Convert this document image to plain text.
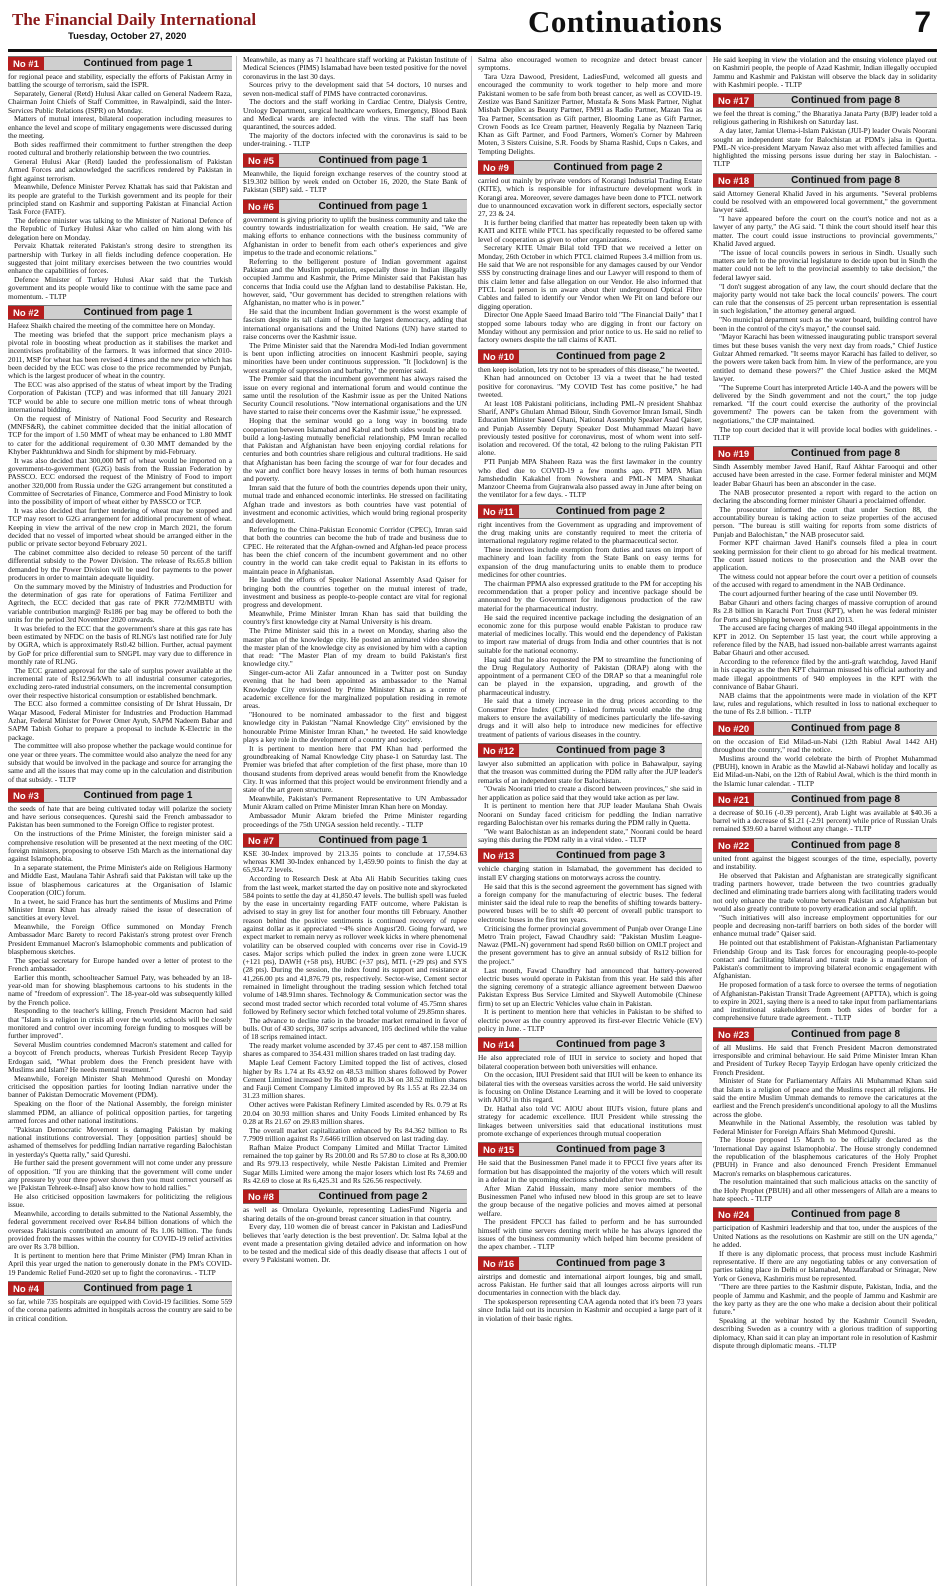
The Financial Daily International
Tuesday, October 27, 2020	Continuations	7
No #1	Continued from page 1

for regional peace and stability, especially the efforts of Pakistan Army in battling the scourge of terrorism, said the ISPR.

Separately, General (Retd) Hulusi Akar called on General Nadeem Raza, Chairman Joint Chiefs of Staff Committee, in Rawalpindi, said the Inter-Services Public Relations (ISPR) on Monday.

Matters of mutual interest, bilateral cooperation including measures to enhance the level and scope of military engagements were discussed during the meeting.

Both sides reaffirmed their commitment to further strengthen the deep rooted cultural and brotherly relationship between the two countries.

General Hulusi Akar (Retd) lauded the professionalism of Pakistan Armed Forces and acknowledged the sacrifices rendered by Pakistan in fight against terrorism.

Meanwhile, Defence Minister Pervez Khattak has said that Pakistan and its people are grateful to the Turkish government and its people for their principled stand on Kashmir and supporting Pakistan at Financial Action Task Force (FATF).

The defence minister was talking to the Minister of National Defence of the Republic of Turkey Hulusi Akar who called on him along with his delegation here on Monday.

Pervaiz Khattak reiterated Pakistan's strong desire to strengthen its partnership with Turkey in all fields including defence cooperation. He suggested that joint military exercises between the two countries would enhance the capabilities of forces.

Defence Minister of Turkey Hulusi Akar said that the Turkish government and its people would like to continue with the same pace and momentum. - TLTP

No #2	Continued from page 1

Hafeez Shaikh chaired the meeting of the committee here on Monday.

The meeting was briefed that the support price mechanism plays a pivotal role in boosting wheat production as it stabilises the market and incentivises profitability of the farmers. It was informed that since 2010-2011, MSP for wheat has been revised 4 times and the new price which has been decided by the ECC was close to the price recommended by Punjab, which is the largest producer of wheat in the country.

The ECC was also apprised of the status of wheat import by the Trading Corporation of Pakistan (TCP) and was informed that till January 2021 TCP would be able to secure one million metric tons of wheat through international bidding.

On the request of Ministry of National Food Security and Research (MNFS&R), the cabinet committee decided that the initial allocation of TCP for the import of 1.50 MMT of wheat may be enhanced to 1.80 MMT to cater for the additional requirement of 0.30 MMT demanded by the Khyber Pakhtunkhwa and Sindh for shipment by mid-February.

It was also decided that 300,000 MT of wheat would be imported on a government-to-government (G2G) basis from the Russian Federation by PASSCO. ECC endorsed the request of the Ministry of Food to import another 320,000 from Russia under the G2G arrangement but constituted a Committee of Secretaries of Finance, Commerce and Food Ministry to look into the possibility of import of wheat either by PASSCO or TCP.

It was also decided that further tendering of wheat may be stopped and TCP may resort to G2G arrangement for additional procurement of wheat. Keeping in view the arrival of the new crop in March 2021, the forum decided that no vessel of imported wheat should be arranged either in the public or private sector beyond February 2021.

The cabinet committee also decided to release 50 percent of the tariff differential subsidy to the Power Division. The release of Rs.65.8 billion demanded by the Power Division will be used for payments to the power producers in order to maintain adequate liquidity.

On the summary moved by the Ministry of Industries and Production for the determination of gas rate for operations of Fatima Fertilizer and Agritech, the ECC decided that gas rate of PKR 772/MMBTU with variable contribution margin@ Rs186 per bag may be offered to both the units for the period 3rd November 2020 onwards.

It was briefed to the ECC that the government's share at this gas rate has been estimated by NFDC on the basis of RLNG's last notified rate for July by OGRA, which is approximately Rs0.42 billion. Further, actual payment by GoP for price differential sum to SNGPL may vary due to difference in monthly rate of RLNG.

The ECC granted approval for the sale of surplus power available at the incremental rate of Rs12.96/kWh to all industrial consumer categories, excluding zero-rated industrial consumers, on the incremental consumption over their respective historical consumption or established benchmark.

The ECC also formed a committee consisting of Dr Ishrat Hussain, Dr Waqar Masood, Federal Minister for Industries and Production Hammad Azhar, Federal Minister for Power Omer Ayub, SAPM Nadeem Babar and SAPM Tabish Gohar to prepare a proposal to include K-Electric in the package.

The committee will also propose whether the package would continue for one year or three years. The committee would also analyze the need for any subsidy that would be involved in the package and source for arranging the same and all the issues that may come up in the calculation and distribution of that subsidy. - TLTP

No #3	Continued from page 1

the seeds of hate that are being cultivated today will polarize the society and have serious consequences. Qureshi said the French ambassador to Pakistan has been summoned to the Foreign Office to register protest.

On the instructions of the Prime Minister, the foreign minister said a comprehensive resolution will be presented at the next meeting of the OIC foreign ministers, proposing to observe 15th March as the international day against Islamophobia.

In a separate statement, the Prime Minister's aide on Religious Harmony and Middle East, Maulana Tahir Ashrafi said that Pakistan will take up the issue of blasphemous caricatures at the Organisation of Islamic Cooperation (OIC) forum.

In a tweet, he said France has hurt the sentiments of Muslims and Prime Minister Imran Khan has already raised the issue of desecration of sanctities at every level.

Meanwhile, the Foreign Office summoned on Monday French Ambassador Marc Barety to record Pakistan's strong protest over French President Emmanuel Macron's Islamophobic comments and publication of blasphemous sketches.

The special secretary for Europe handed over a letter of protest to the French ambassador.

Earlier this month, schoolteacher Samuel Paty, was beheaded by an 18-year-old man for showing blasphemous cartoons to his students in the name of "freedom of expression". The 18-year-old was subsequently killed by the French police.

Responding to the teacher's killing, French President Macron had said that "Islam is a religion in crisis all over the world, schools will be closely monitored and control over incoming foreign funding to mosques will be further improved".

Several Muslim countries condemned Macron's statement and called for a boycott of French products, whereas Turkish President Recep Tayyip Erdogan said, "What problem does the French president have with Muslims and Islam? He needs mental treatment."

Meanwhile, Foreign Minister Shah Mehmood Qureshi on Monday criticised the opposition parties for looting Indian narrative under the banner of Pakistan Democratic Movement (PDM).

Speaking on the floor of the National Assembly, the foreign minister slammed PDM, an alliance of political opposition parties, for targeting armed forces and other national institutions.

"Pakistan Democratic Movement is damaging Pakistan by making national institutions controversial. They [opposition parties] should be ashamed of themselves for peddling Indian narrative regarding Balochistan in yesterday's Quetta rally," said Qureshi.

He further said the present government will not come under any pressure of opposition. "If you are thinking that the government will come under any pressure by your three power shows then you must correct yourself as we [Pakistan Tehreek-e-Insaf] also know how to hold rallies."

He also criticised opposition lawmakers for politicizing the religious issue.

Meanwhile, according to details submitted to the National Assembly, the federal government received over Rs4.84 billion donations of which the overseas Pakistanis contributed an amount of Rs 1.06 billion. The funds provided from the masses within the country for COVID-19 relief activities are over Rs 3.78 billion.

It is pertinent to mention here that Prime Minister (PM) Imran Khan in April this year urged the nation to generously donate in the PM's COVID-19 Pandemic Relief Fund-2020 set up to fight the coronavirus. - TLTP

No #4	Continued from page 1

so far, while 735 hospitals are equipped with Covid-19 facilities. Some 559 of the corona patients admitted in hospitals across the country are said to be in critical condition.

Meanwhile, as many as 71 healthcare staff working at Pakistan Institute of Medical Sciences (PIMS) Islamabad have been tested positive for the novel coronavirus in the last 30 days.

Sources privy to the development said that 54 doctors, 10 nurses and seven non-medical staff of PIMS have contracted coronavirus.

The doctors and the staff working in Cardiac Centre, Dialysis Centre, Urology Department, surgical healthcare workers, Emergency, Blood Bank and Medical wards are infected with the virus. The staff has been quarantined, the sources added.

The majority of the doctors infected with the coronavirus is said to be under-training. - TLTP

No #5	Continued from page 1

Meanwhile, the liquid foreign exchange reserves of the country stood at $19.302 billion by week ended on October 16, 2020, the State Bank of Pakistan (SBP) said. - TLTP

No #6	Continued from page 1

government is giving priority to uplift the business community and take the country towards industrialization for wealth creation. He said, "We are making efforts to enhance connections with the business community of Afghanistan in order to benefit from each other's experiences and give impetus to the trade and economic relations."

Referring to the belligerent posture of Indian government against Pakistan and the Muslim population, especially those in Indian illegally occupied Jammu and Kashmir, the Prime Minister said that Pakistan has concerns that India could use the Afghan land to destabilise Pakistan. He, however, said, "Our government has decided to strengthen relations with Afghanistan, no matter who is in power."

He said that the incumbent Indian government is the worst example of fascism despite its tall claim of being the largest democracy, adding that international organisations and the United Nations (UN) have started to raise concerns over the Kashmir issue.

The Prime Minister said that the Narendra Modi-led Indian government is bent upon inflicting atrocities on innocent Kashmiri people, saying minorities have been under continuous suppression. "It [lockdown] is the worst example of suppression and barbarity," the premier said.

The Premier said that the incumbent government has always raised the issue on every regional and international forum and would continue the same until the resolution of the Kashmir issue as per the United Nations Security Council resolutions. "Now international organisations and the UN have started to raise their concerns over the Kashmir issue," he expressed.

Hoping that the seminar would go a long way in boosting trade cooperation between Islamabad and Kabul and both sides would be able to build a long-lasting mutually beneficial relationship, PM Imran recalled that Pakistan and Afghanistan have been enjoying cordial relations for centuries and both countries share religious and cultural traditions. He said that Afghanistan has been facing the scourge of war for four decades and the war and conflict bore heavy losses in terms of both human resources and poverty.

Imran said that the future of both the countries depends upon their unity, mutual trade and enhanced economic interlinks. He stressed on facilitating Afghan trade and investors as both countries have vast potential of investment and economic activities, which would bring regional prosperity and development.

Referring to the China-Pakistan Economic Corridor (CPEC), Imran said that both the countries can become the hub of trade and business due to CPEC. He reiterated that the Afghan-owned and Afghan-led peace process has been the chief concern of the incumbent government and no other country in the world can take credit equal to Pakistan in its efforts to maintain peace in Afghanistan.

He lauded the efforts of Speaker National Assembly Asad Qaiser for bringing both the countries together on the mutual interest of trade, investment and business as people-to-people contact are vital for regional progress and development.

Meanwhile, Prime Minister Imran Khan has said that building the country's first knowledge city at Namal University is his dream.

The Prime Minister said this in a tweet on Monday, sharing also the master plan of the knowledge city. He posted an animated video showing the master plan of the knowledge city as envisioned by him with a caption that read: "The Master Plan of my dream to build Pakistan's first knowledge city."

Singer-cum-actor Ali Zafar announced in a Twitter post on Sunday evening that he had been appointed as ambassador to the Namal Knowledge City envisioned by Prime Minister Khan as a centre of academic excellence for the marginalized population residing in remote areas.

"Honoured to be nominated ambassador to the first and biggest knowledge city in Pakistan "Namal Knowledge City" envisioned by the honourable Prime Minister Imran Khan," he tweeted. He said knowledge plays a key role in the development of a country and society.

It is pertinent to mention here that PM Khan had performed the groundbreaking of Namal Knowledge City phase-1 on Saturday last. The Premier was briefed that after completion of the first phase, more than 10 thousand students from deprived areas would benefit from the Knowledge City. It was informed that this project would be environment friendly and a state of the art green structure.

Meanwhile, Pakistan's Permanent Representative to UN Ambassador Munir Akram called on Prime Minister Imran Khan here on Monday.

Ambassador Munir Akram briefed the Prime Minister regarding proceedings of the 75th UNGA session held recently. - TLTP

No #7	Continued from page 1

KSE 30-Index improved by 213.35 points to conclude at 17,594.63 whereas KMI 30-Index enhanced by 1,459.90 points to finish the day at 65,934.72 levels.

According to Research Desk at Aba Ali Habib Securities taking cues from the last week, market started the day on positive note and skyrocketed 584 points to settle the day at 41,850.47 levels. The bullish spell was fueled by the ease in uncertainty regarding FATF outcome, where Pakistan is advised to stay in grey list for another four months till February. Another reason behind the positive sentiments is continued recovery of rupee against dollar as it appreciated ~4% since August'20. Going forward, we expect market to remain nervy as rollover week kicks in where phenomenal volatility can be observed coupled with concerns over rise in Covid-19 cases. Major scrips which pulled the index in green zone were LUCK (+121 pts), DAWH (+58 pts), HUBC (+37 pts), MTL (+29 pts) and SYS (28 pts). During the session, the index found its support and resistance at 41,266.00 pts and 41,876.79 pts, respectively. Sector-wise, Cement sector remained in limelight throughout the trading session which fetched total volume of 148.91mn shares. Technology & Communication sector was the second most traded sector which recorded total volume of 45.75mn shares followed by Refinery sector which fetched total volume of 29.85mn shares.

The advance to decline ratio in the broader market remained in favor of bulls. Out of 430 scrips, 307 scrips advanced, 105 declined while the value of 18 scrips remained intact.

The ready market volume ascended by 37.45 per cent to 487.158 million shares as compared to 354.431 million shares traded on last trading day.

Maple Leaf Cement Factory Limited topped the list of actives, closed higher by Rs 1.74 at Rs 43.92 on 48.53 million shares followed by Power Cement Limited increased by Rs 0.80 at Rs 10.34 on 38.52 million shares and Fauji Cement Company Limited improved by Rs 1.55 at Rs 22.34 on 31.23 million shares.

Other actives were Pakistan Refinery Limited ascended by Rs. 0.79 at Rs 20.04 on 30.93 million shares and Unity Foods Limited enhanced by Rs 0.28 at Rs 21.67 on 29.83 million shares.

The overall market capitalization enhanced by Rs 84.362 billion to Rs 7.7909 trillion against Rs 7.6466 trillion observed on last trading day.

Rafhan Maize Product Company Limited and Millat Tractor Limited remained the top gainer by Rs 200.00 and Rs 57.80 to close at Rs 8,300.00 and Rs 979.13 respectively, while Nestle Pakistan Limited and Premier Sugar Mills Limited were among the major losers which lost Rs 74.69 and Rs 42.69 to close at Rs 6,425.31 and Rs 526.56 respectively.

No #8	Continued from page 2

as well as Omolara Oyekunle, representing LadiesFund Nigeria and sharing details of the on-ground breast cancer situation in that country.

Every day, 110 women die of breast cancer in Pakistan and LadiesFund believes that 'early detection is the best prevention'. Dr. Salma Iqbal at the event made a presentation giving detailed advice and information on how to be tested and the medical side of this deadly disease that affects 1 out of every 9 Pakistani women. Dr.

Salma also encouraged women to recognize and detect breast cancer symptoms.

Tara Uzra Dawood, President, LadiesFund, welcomed all guests and encouraged the community to work together to help more and more Pakistani women to be safe from both breast cancer, as well as COVID-19. Zestize was Band Sanitizer Partner, Mustafa & Sons Mask Partner, Nighat Misbah Depilex as Beauty Partner, FM91 as Radio Partner, Mazan Tea as Tea Partner, Scentsation as Gift partner, Blooming Lane as Gift Partner, Crown Foods as Ice Cream partner, Heavenly Regalia by Nazneen Tariq Khan as Gift Partner, and Food Partners, Women's Corner by Mahreen Moten, 3 Sisters Cuisine, S.R. Foods by Shama Rashid, Cups n Cakes, and Tempting Delights.

No #9	Continued from page 2

carried out mainly by private vendors of Korangi Industrial Trading Estate (KITE), which is responsible for infrastructure development work in Korangi area. Moreover, severe damages have been done to PTCL network due to unannounced excavation work in different sectors, especially sector 27, 23 & 24.

It is further being clarified that matter has repeatedly been taken up with KATI and KITE while PTCL has specifically requested to be offered same level of cooperation as given to other organizations.

Secretary KITE Umair Bilal told TFD that we received a letter on Monday, 26th October in which PTCL claimed Rupees 3.4 million from us. He said that We are not responsible for any damages caused by our Vendor SSS by constructing drainage lines and our Lawyer will respond to them of this claim letter and false allegation on our Vendor. He also informed that PTCL local person is un aware about their underground Optical Fibre Cables and failed to identify our Vendor when We Pit on land before our digging operation.

Director One Apple Saeed Imaad Bariro told "The Financial Daily" that I stopped some labours today who are digging in front our factory on Monday without any permission and prior notice to us. He said no relief to factory owners despite the tall claims of KATI.

No #10	Continued from page 2

then keep isolation, lets try not to be spreaders of this disease," he tweeted.

Khan had announced on October 13 via a tweet that he had tested positive for coronavirus. "My COVID Test has come positive," he had tweeted.

At least 108 Pakistani politicians, including PML-N president Shahbaz Sharif, ANP's Ghulam Ahmad Bilour, Sindh Governor Imran Ismail, Sindh Education Minister Saeed Ghani, National Assembly Speaker Asad Qaiser, and Punjab Assembly Deputy Speaker Dost Muhammad Mazari have previously tested positive for coronavirus, most of whom went into self-isolation and recovered. Of the total, 42 belong to the ruling Pakistan PTI alone.

PTI Punjab MPA Shaheen Raza was the first lawmaker in the country who died due to COVID-19 a few months ago. PTI MPA Mian Jamshedudin Kakakhel from Nowshera and PML-N MPA Shaukat Manzoor Cheema from Gujranwala also passed away in June after being on the ventilator for a few days. - TLTP

No #11	Continued from page 2

right incentives from the Government as upgrading and improvement of the drug making units are constantly required to meet the criteria of international regulatory regime related to the pharmaceutical sector.

These incentives include exemption from duties and taxes on import of machinery and loan facility from the State Bank on easy terms for expansion of the drug manufacturing units to enable them to produce medicines for other countries.

The chairman PPMA also expressed gratitude to the PM for accepting his recommendation that a proper policy and incentive package should be announced by the Government for indigenous production of the raw material for the pharmaceutical industry.

He said the required incentive package including the designation of an economic zone for this purpose would enable Pakistan to produce raw material of medicines locally. This would end the dependency of Pakistan to import raw material of drugs from India and other countries that is not suitable for the national economy.

Haq said that he also requested the PM to streamline the functioning of the Drug Regulatory Authority of Pakistan (DRAP) along with the appointment of a permanent CEO of the DRAP so that a meaningful role can be played in the expansion, upgrading, and growth of the pharmaceutical industry.

He said that a timely increase in the drug prices according to the Consumer Price Index (CPI) - linked formula would enable the drug makers to ensure the availability of medicines particularly the life-saving drugs and it will also help to introduce new medicines for effective treatment of patients of various diseases in the country.

No #12	Continued from page 3

lawyer also submitted an application with police in Bahawalpur, saying that the treason was committed during the PDM rally after the JUP leader's remarks of an independent state for Balochistan.

"Owais Noorani tried to create a discord between provinces," she said in her application as police said that they would take action as per law.

It is pertinent to mention here that JUP leader Maulana Shah Owais Noorani on Sunday faced criticism for peddling the Indian narrative regarding Balochistan over his remarks during the PDM rally in Quetta.

"We want Balochistan as an independent state," Noorani could be heard saying this during the PDM rally in a viral video. - TLTP

No #13	Continued from page 3

vehicle charging station in Islamabad, the government has decided to install EV charging stations on motorways across the country.

He said that this is the second agreement the government has signed with a foreign company for the manufacturing of electric buses. The federal minister said the ideal rule to reap the benefits of shifting towards battery-powered buses will be to shift 40 percent of overall public transport to electronic buses in the first ten years.

Criticising the former provincial government of Punjab over Orange Line Metro Train project, Fawad Chaudhry said: "Pakistan Muslim League-Nawaz (PML-N) government had spend Rs60 billion on OMLT project and the present government has to give an annual subsidy of Rs12 billion for the project."

Last month, Fawad Chaudhry had announced that battery-powered electric buses would operate in Pakistan from this year. He said this after the signing ceremony of a strategic alliance agreement between Daewoo Pakistan Express Bus Service Limited and Skywell Automobile (Chinese firm) to set up an Electric Vehicles value chain in Pakistan.

It is pertinent to mention here that vehicles in Pakistan to be shifted to electric power as the country approved its first-ever Electric Vehicle (EV) policy in June. - TLTP

No #14	Continued from page 3

He also appreciated role of IIUI in service to society and hoped that bilateral cooperation between both universities will enhance.

On the occasion, IIUI President said that IIUI will be keen to enhance its bilateral ties with the overseas varsities across the world. He said university is focusing on Online Distance Learning and it will be loved to cooperate with AIOU in this regard.

Dr. Hathal also told VC AIOU about IIUI's vision, future plans and strategy for academic excellence. IIUI President while stressing the linkages between universities said that educational institutions must promote exchange of experiences through mutual cooperation

No #15	Continued from page 3

He said that the Businessmen Panel made it to FPCCI five years after its formation but has disappointed the majority of the voters which will result in a defeat in the upcoming elections scheduled after two months.

After Mian Zahid Hussain, many more senior members of the Businessmen Panel who infused new blood in this group are set to leave the group because of the negative policies and moves aimed at personal welfare.

The president FPCCI has failed to perform and he has surrounded himself with time servers denting merit while he has always ignored the issues of the business community which helped him become president of the apex chamber. - TLTP

No #16	Continued from page 3

airstrips and domestic and international airport lounges, big and small, across Pakistan. He further said that all lounges across airports will run documentaries in connection with the black day.

The spokesperson representing CAA agenda noted that it's been 73 years since India laid out its incursion in Kashmir and occupied a large part of it in violation of their basic rights.

He said keeping in view the violation and the ensuing violence played out on Kashmiri people, the people of Azad Kashmir, Indian illegally occupied Jammu and Kashmir and Pakistan will observe the black day in solidarity with Kashmiri people. - TLTP

No #17	Continued from page 8

we feel the threat is coming," the Bharatiya Janata Party (BJP) leader told a religious gathering in Rishikesh on Saturday last.

A day later, Jamiat Ulema-i-Islam Pakistan (JUI-P) leader Owais Noorani sought an independent state for Balochistan at PDM's jalsa in Quetta. PML-N vice-president Maryam Nawaz also met with affected families and highlighted the missing persons issue during her stay in Balochistan. - TLTP

No #18	Continued from page 8

said Attorney General Khalid Javed in his arguments. "Several problems could be resolved with an empowered local government," the government lawyer said.

"I have appeared before the court on the court's notice and not as a lawyer of any party," the AG said. "I think the court should itself hear this matter. The court could issue instructions to provincial governments," Khalid Javed argued.

"The issue of local councils powers in serious in Sindh. Usually such matters are left to the provincial legislature to decide upon but in Sindh the matter could not be left to the provincial assembly to take decision," the federal lawyer said.

"I don't suggest abrogation of any law, the court should declare that the majority party would not take back the local councils' powers. The court can rule that the consensus of 25 percent urban representation is essential in such legislation," the attorney general argued.

"No municipal department such as the water board, building control have been in the control of the city's mayor," the counsel said.

"Mayor Karachi has been witnessed inaugurating public transport several times but these buses vanish the very next day from roads," Chief Justice Gulzar Ahmed remarked. "It seems mayor Karachi has failed to deliver, so the powers were taken back from him. In view of the performance, are you entitled to demand these powers?" the Chief Justice asked the MQM lawyer.

"The Supreme Court has interpreted Article 140-A and the powers will be delivered by the Sindh government and not the court," the top judge remarked. "If the court could exercise the authority of the provincial government? The powers can be taken from the government with negotiations," the CJP maintained.

The top court decided that it will provide local bodies with guidelines. - TLTP

No #19	Continued from page 8

Sindh Assembly member Javed Hanif, Rauf Akhtar Farooqui and other accused have been arrested in the case. Former federal minister and MQM leader Babar Ghauri has been an absconder in the case.

The NAB prosecutor presented a report with regard to the action on declaring the absconding former minister Ghauri a proclaimed offender.

The prosecutor informed the court that under Section 88, the accountability bureau is taking action to seize properties of the accused person. "The bureau is still waiting for reports from some districts of Punjab and Balochistan," the NAB prosecutor said.

Former KPT chairman Javed Hanif's counsels filed a plea in court seeking permission for their client to go abroad for his medical treatment. The court issued notices to the prosecution and the NAB over the application.

The witness could not appear before the court over a petition of counsels of the accused with regard to amendment in the NAB Ordinance.

The court adjourned further hearing of the case until November 09.

Babar Ghauri and others facing charges of massive corruption of around Rs 2.8 billion in Karachi Port Trust (KPT), when he was federal minister for Ports and Shipping between 2008 and 2013.

The accused are facing charges of making 940 illegal appointments in the KPT in 2012. On September 15 last year, the court while approving a reference filed by the NAB, had issued non-bailable arrest warrants against Babar Ghauri and other accused.

According to the reference filed by the anti-graft watchdog, Javed Hanif in his capacity as the then KPT chairman misused his official authority and made illegal appointments of 940 employees in the KPT with the connivance of Babar Ghauri.

NAB claims that the appointments were made in violation of the KPT law, rules and regulations, which resulted in loss to national exchequer to the tune of Rs 2.8 billion. - TLTP

No #20	Continued from page 8

on the occasion of Eid Milad-un-Nabi (12th Rabiul Awal 1442 AH) throughout the country," read the notice.

Muslims around the world celebrate the birth of Prophet Muhammad (PBUH), known in Arabic as the Mawlid al-Nabawi holiday and locally as Eid Milad-un-Nabi, on the 12th of Rabiul Awal, which is the third month in the Islamic lunar calendar. - TLTP

No #21	Continued from page 8

a decrease of $0.16 (-0.39 percent), Arab Light was available at $40.36 a barrel with a decrease of $1.21 (-2.91 percent) while price of Russian Urals remained $39.60 a barrel without any change. - TLTP

No #22	Continued from page 8

united front against the biggest scourges of the time, especially, poverty and instability.

He observed that Pakistan and Afghanistan are strategically significant trading partners however, trade between the two countries gradually declined and eliminating trade barriers along with facilitating traders would not only enhance the trade volume between Pakistan and Afghanistan but would also greatly contribute to poverty eradication and social uplift.

"Such initiatives will also increase employment opportunities for our people and decreasing non-tariff barriers on both sides of the border will enhance mutual trade" Qaiser said.

He pointed out that establishment of Pakistan-Afghanistan Parliamentary Friendship Group and its Task forces for encouraging people-to-people contact and facilitating bilateral and transit trade is a manifestation of Pakistan's commitment to improving bilateral economic engagement with Afghanistan.

He proposed formation of a task force to oversee the terms of negotiation of Afghanistan-Pakistan Transit Trade Agreement (APTTA), which is going to expire in 2021, saying there is a need to take input from parliamentarians and institutional stakeholders from both sides of border for a comprehensive future trade agreement. - TLTP

No #23	Continued from page 8

of all Muslims. He said that French President Macron demonstrated irresponsible and criminal behaviour. He said Prime Minister Imran Khan and President of Turkey Recep Tayyip Erdogan have openly criticized the French President.

Minister of State for Parliamentary Affairs Ali Muhammad Khan said that Islam is a religion of peace and the Muslims respect all religions. He said the entire Muslim Ummah demands to remove the caricatures at the earliest and the French president's unconditional apology to all the Muslims across the globe.

Meanwhile in the National Assembly, the resolution was tabled by Federal Minister for Foreign Affairs Shah Mehmood Qureshi.

The House proposed 15 March to be officially declared as the 'International Day against Islamophobia'. The House strongly condemned the republication of the blasphemous caricatures of the Holy Prophet (PBUH) in France and also denounced French President Emmanuel Macron's remarks on blasphemous caricatures.

The resolution maintained that such malicious attacks on the sanctity of the Holy Prophet (PBUH) and all other messengers of Allah are a means to hate speech. - TLTP

No #24	Continued from page 8

participation of Kashmiri leadership and that too, under the auspices of the United Nations as the resolutions on Kashmir are still on the UN agenda," he added.

If there is any diplomatic process, that process must include Kashmiri representative. If there are any negotiating tables or any conversation of parties taking place in Delhi or Islamabad, Muzaffarabad or Srinagar, New York or Geneva, Kashmiris must be represented.

"There are three parties to the Kashmir dispute, Pakistan, India, and the people of Jammu and Kashmir, and the people of Jammu and Kashmir are the key party as they are the one who make a decision about their political future."

Speaking at the webinar hosted by the Kashmir Council Sweden, describing Sweden as a country with a glorious tradition of supporting diplomacy, Khan said it can play an important role in resolution of Kashmir dispute through diplomatic means. -TLTP
